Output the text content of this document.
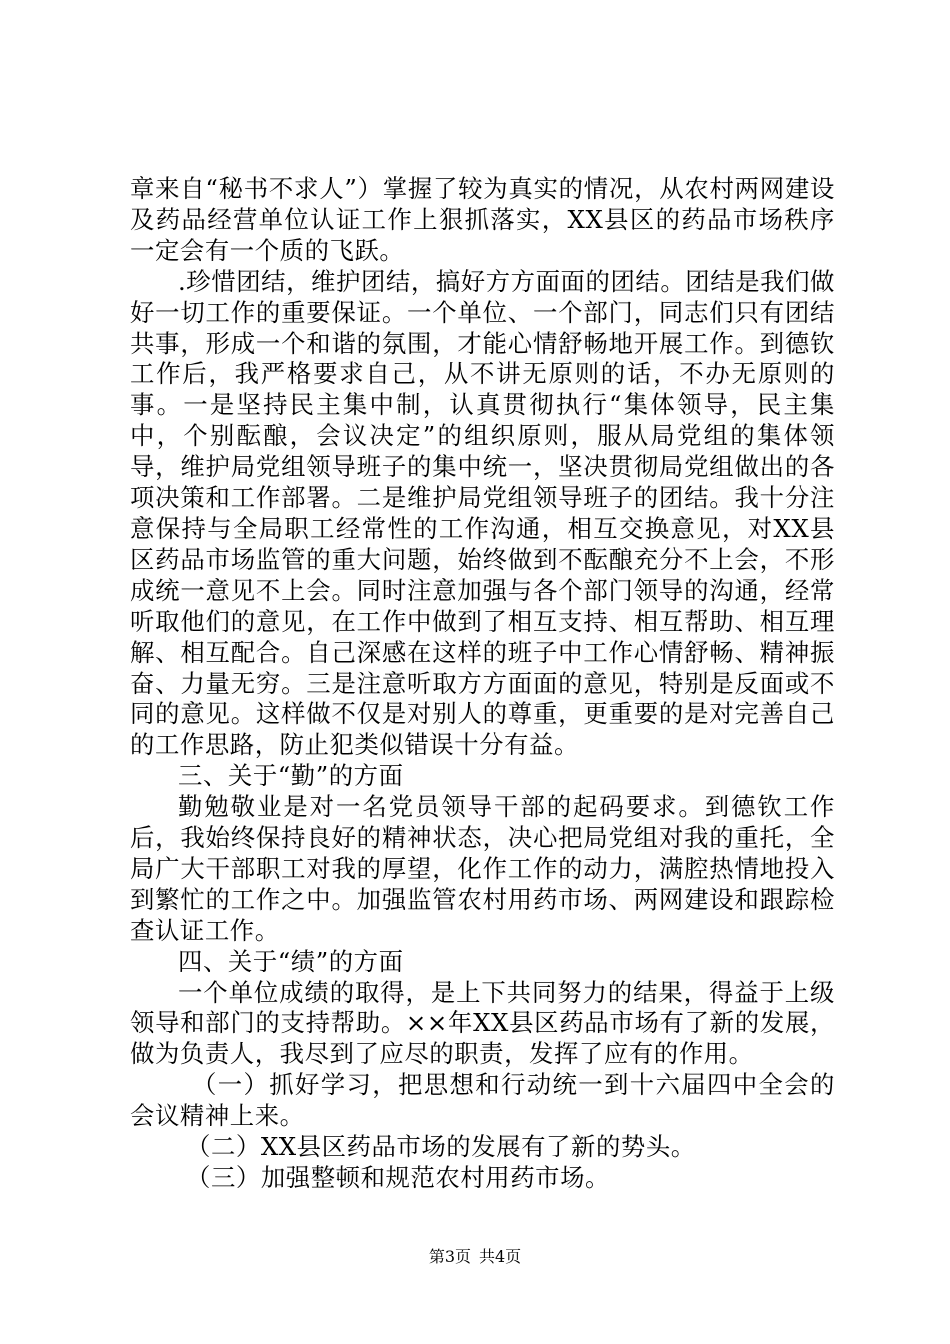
章来自“秘书不求人”）掌握了较为真实的情况，从农村两网建设及药品经营单位认证工作上狠抓落实，XX县区的药品市场秩序一定会有一个质的飞跃。

.珍惜团结，维护团结，搞好方方面面的团结。团结是我们做好一切工作的重要保证。一个单位、一个部门，同志们只有团结共事，形成一个和谐的氛围，才能心情舒畅地开展工作。到德钦工作后，我严格要求自己，从不讲无原则的话，不办无原则的事。一是坚持民主集中制，认真贯彻执行“集体领导，民主集中，个别酝酿，会议决定”的组织原则，服从局党组的集体领导，维护局党组领导班子的集中统一，坚决贯彻局党组做出的各项决策和工作部署。二是维护局党组领导班子的团结。我十分注意保持与全局职工经常性的工作沟通，相互交换意见，对XX县区药品市场监管的重大问题，始终做到不酝酿充分不上会，不形成统一意见不上会。同时注意加强与各个部门领导的沟通，经常听取他们的意见，在工作中做到了相互支持、相互帮助、相互理解、相互配合。自己深感在这样的班子中工作心情舒畅、精神振奋、力量无穷。三是注意听取方方面面的意见，特别是反面或不同的意见。这样做不仅是对别人的尊重，更重要的是对完善自己的工作思路，防止犯类似错误十分有益。

三、关于“勤”的方面

勤勉敬业是对一名党员领导干部的起码要求。到德钦工作后，我始终保持良好的精神状态，决心把局党组对我的重托，全局广大干部职工对我的厚望，化作工作的动力，满腔热情地投入到繁忙的工作之中。加强监管农村用药市场、两网建设和跟踪检查认证工作。

四、关于“绩”的方面

一个单位成绩的取得，是上下共同努力的结果，得益于上级领导和部门的支持帮助。××年XX县区药品市场有了新的发展，做为负责人，我尽到了应尽的职责，发挥了应有的作用。

（一）抓好学习，把思想和行动统一到十六届四中全会的会议精神上来。

（二）XX县区药品市场的发展有了新的势头。

（三）加强整顿和规范农村用药市场。

第3页 共4页
